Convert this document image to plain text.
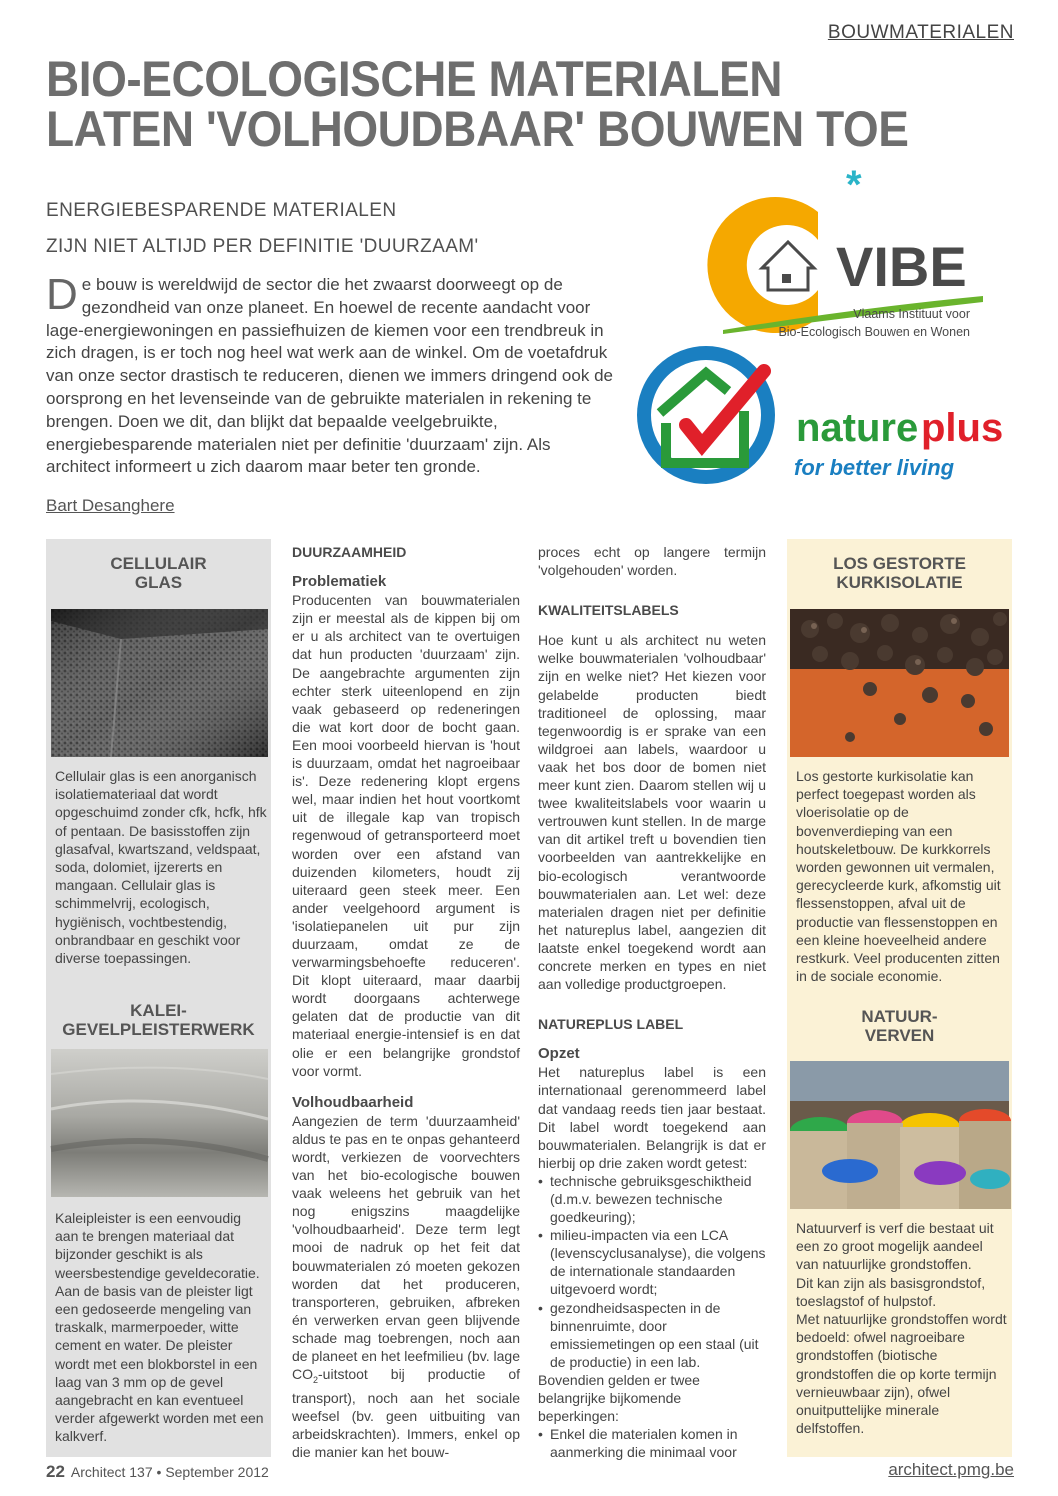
BOUWMATERIALEN
BIO-ECOLOGISCHE MATERIALEN
LATEN 'VOLHOUDBAAR' BOUWEN TOE
ENERGIEBESPARENDE MATERIALEN
ZIJN NIET ALTIJD PER DEFINITIE 'DUURZAAM'
De bouw is wereldwijd de sector die het zwaarst doorweegt op de gezondheid van onze planeet. En hoewel de recente aandacht voor lage-energiewoningen en passiefhuizen de kiemen voor een trendbreuk in zich dragen, is er toch nog heel wat werk aan de winkel. Om de voetafdruk van onze sector drastisch te reduceren, dienen we immers dringend ook de oorsprong en het levenseinde van de gebruikte materialen in rekening te brengen. Doen we dit, dan blijkt dat bepaalde veelgebruikte, energiebesparende materialen niet per definitie 'duurzaam' zijn. Als architect informeert u zich daarom maar beter ten gronde.
Bart Desanghere
*
VIBE
Vlaams Instituut voor
Bio-Ecologisch Bouwen en Wonen
nature plus
for better living
CELLULAIR
GLAS
Cellulair glas is een anorganisch isolatiemateriaal dat wordt opgeschuimd zonder cfk, hcfk, hfk of pentaan. De basisstoffen zijn glasafval, kwartszand, veldspaat, soda, dolomiet, ijzererts en mangaan. Cellulair glas is schimmelvrij, ecologisch, hygiënisch, vochtbestendig, onbrandbaar en geschikt voor diverse toepassingen.
KALEI-
GEVELPLEISTERWERK
Kaleipleister is een eenvoudig aan te brengen materiaal dat bijzonder geschikt is als weersbestendige geveldecoratie. Aan de basis van de pleister ligt een gedoseerde mengeling van traskalk, marmerpoeder, witte cement en water. De pleister wordt met een blokborstel in een laag van 3 mm op de gevel aangebracht en kan eventueel verder afgewerkt worden met een kalkverf.
DUURZAAMHEID
Problematiek

Producenten van bouwmaterialen zijn er meestal als de kippen bij om er u als architect van te overtuigen dat hun producten 'duurzaam' zijn. De aangebrachte argumenten zijn echter sterk uiteenlopend en zijn vaak gebaseerd op redeneringen die wat kort door de bocht gaan. Een mooi voorbeeld hiervan is 'hout is duurzaam, omdat het nagroeibaar is'. Deze redenering klopt ergens wel, maar indien het hout voortkomt uit de illegale kap van tropisch regenwoud of getransporteerd moet worden over een afstand van duizenden kilometers, houdt zij uiteraard geen steek meer. Een ander veelgehoord argument is 'isolatiepanelen uit pur zijn duurzaam, omdat ze de verwarmingsbehoefte reduceren'. Dit klopt uiteraard, maar daarbij wordt doorgaans achterwege gelaten dat de productie van dit materiaal energie-intensief is en dat olie er een belangrijke grondstof voor vormt.

Volhoudbaarheid

Aangezien de term 'duurzaamheid' aldus te pas en te onpas gehanteerd wordt, verkiezen de voorvechters van het bio-ecologische bouwen vaak weleens het gebruik van het nog enigszins maagdelijke 'volhoudbaarheid'. Deze term legt mooi de nadruk op het feit dat bouwmaterialen zó moeten gekozen worden dat het produceren, transporteren, gebruiken, afbreken én verwerken ervan geen blijvende schade mag toebrengen, noch aan de planeet en het leefmilieu (bv. lage $CO_2$-uitstoot bij productie of transport), noch aan het sociale weefsel (bv. geen uitbuiting van arbeidskrachten). Immers, enkel op die manier kan het bouw-

proces echt op langere termijn 'volgehouden' worden.

KWALITEITSLABELS

Hoe kunt u als architect nu weten welke bouwmaterialen 'volhoudbaar' zijn en welke niet? Het kiezen voor gelabelde producten biedt traditioneel de oplossing, maar tegenwoordig is er sprake van een wildgroei aan labels, waardoor u vaak het bos door de bomen niet meer kunt zien. Daarom stellen wij u twee kwaliteitslabels voor waarin u vertrouwen kunt stellen. In de marge van dit artikel treft u bovendien tien voorbeelden van aantrekkelijke en bio-ecologisch verantwoorde bouwmaterialen aan. Let wel: deze materialen dragen niet per definitie het natureplus label, aangezien dit laatste enkel toegekend wordt aan concrete merken en types en niet aan volledige productgroepen.

NATUREPLUS LABEL
Opzet

Het natureplus label is een internationaal gerenommeerd label dat vandaag reeds tien jaar bestaat. Dit label wordt toegekend aan bouwmaterialen. Belangrijk is dat er hierbij op drie zaken wordt getest:

• technische gebruiksgeschiktheid (d.m.v. bewezen technische goedkeuring);
• milieu-impacten via een LCA (levenscyclusanalyse), die volgens de internationale standaarden uitgevoerd wordt;
• gezondheidsaspecten in de binnenruimte, door emissiemetingen op een staal (uit de productie) in een lab.

Bovendien gelden er twee belangrijke bijkomende beperkingen:

• Enkel die materialen komen in aanmerking die minimaal voor
LOS GESTORTE
KURKISOLATIE
Los gestorte kurkisolatie kan perfect toegepast worden als vloerisolatie op de bovenverdieping van een houtskeletbouw. De kurkkorrels worden gewonnen uit vermalen, gerecycleerde kurk, afkomstig uit flessenstoppen, afval uit de productie van flessenstoppen en een kleine hoeveelheid andere restkurk. Veel producenten zitten in de sociale economie.
NATUUR-
VERVEN
Natuurverf is verf die bestaat uit een zo groot mogelijk aandeel van natuurlijke grondstoffen.
Dit kan zijn als basisgrondstof, toeslagstof of hulpstof.
Met natuurlijke grondstoffen wordt bedoeld: ofwel nagroeibare grondstoffen (biotische grondstoffen die op korte termijn vernieuwbaar zijn), ofwel onuitputtelijke minerale delfstoffen.
22 Architect 137 • September 2012	architect.pmg.be
